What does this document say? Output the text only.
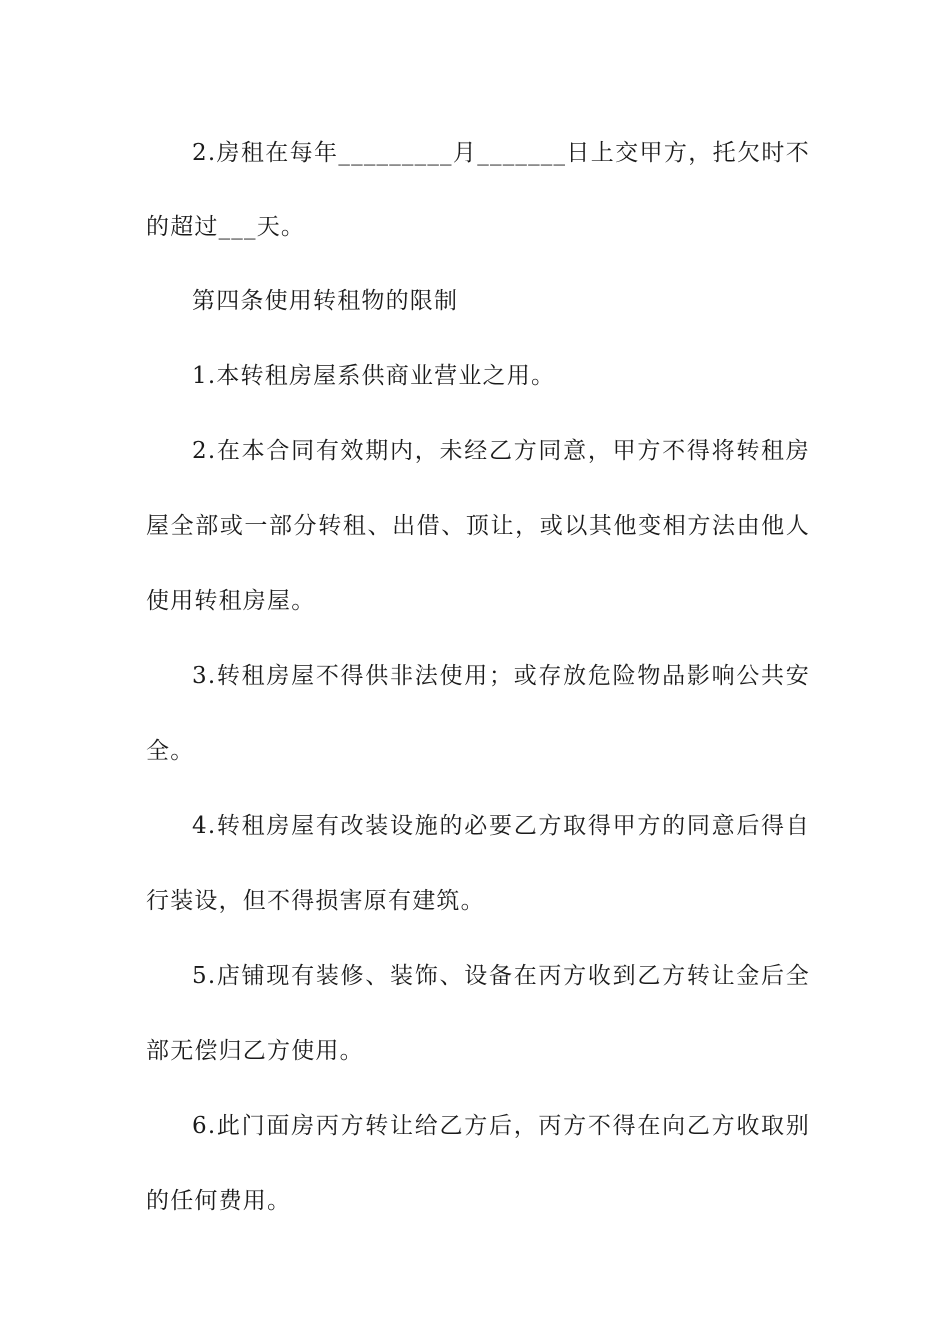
2.房租在每年_________月_______日上交甲方，托欠时不
的超过___天。
第四条使用转租物的限制
1.本转租房屋系供商业营业之用。
2.在本合同有效期内，未经乙方同意，甲方不得将转租房
屋全部或一部分转租、出借、顶让，或以其他变相方法由他人
使用转租房屋。
3.转租房屋不得供非法使用；或存放危险物品影响公共安
全。
4.转租房屋有改装设施的必要乙方取得甲方的同意后得自
行装设，但不得损害原有建筑。
5.店铺现有装修、装饰、设备在丙方收到乙方转让金后全
部无偿归乙方使用。
6.此门面房丙方转让给乙方后，丙方不得在向乙方收取别
的任何费用。
